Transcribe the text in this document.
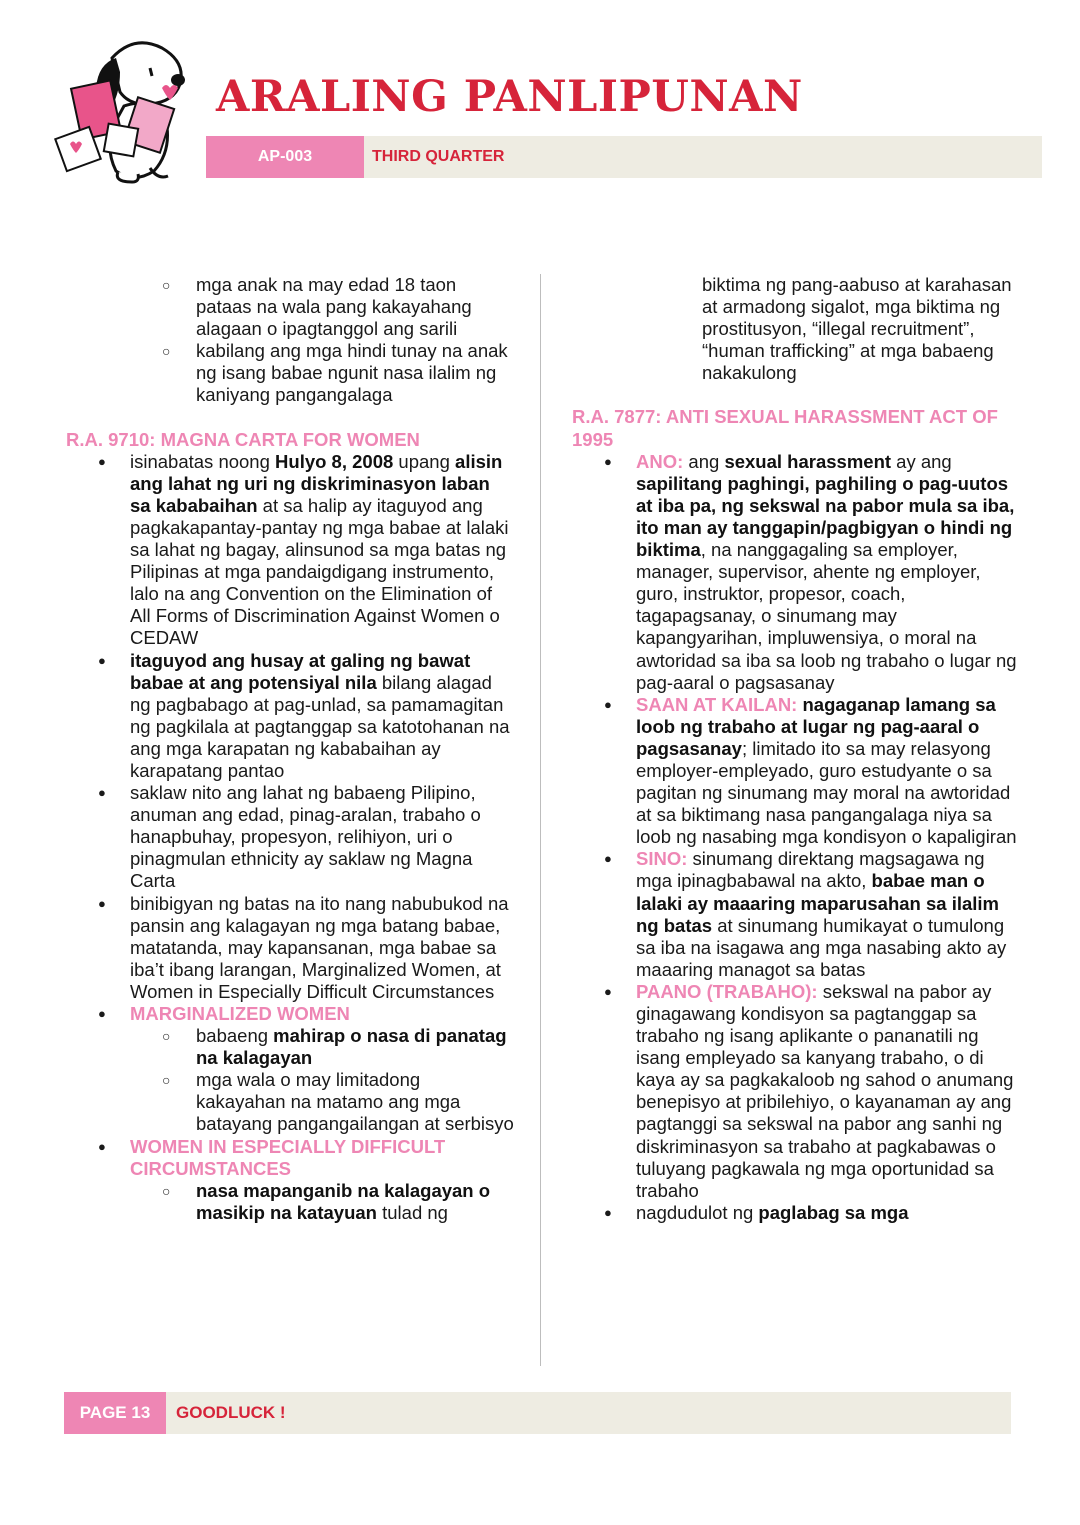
ARALING PANLIPUNAN
AP-003	THIRD QUARTER
○ mga anak na may edad 18 taon pataas na wala pang kakayahang alagaan o ipagtanggol ang sarili
○ kabilang ang mga hindi tunay na anak ng isang babae ngunit nasa ilalim ng kaniyang pangangalaga
R.A. 9710: MAGNA CARTA FOR WOMEN
● isinabatas noong Hulyo 8, 2008 upang alisin ang lahat ng uri ng diskriminasyon laban sa kababaihan at sa halip ay itaguyod ang pagkakapantay-pantay ng mga babae at lalaki sa lahat ng bagay, alinsunod sa mga batas ng Pilipinas at mga pandaigdigang instrumento, lalo na ang Convention on the Elimination of All Forms of Discrimination Against Women o CEDAW
● itaguyod ang husay at galing ng bawat babae at ang potensiyal nila bilang alagad ng pagbabago at pag-unlad, sa pamamagitan ng pagkilala at pagtanggap sa katotohanan na ang mga karapatan ng kababaihan ay karapatang pantao
● saklaw nito ang lahat ng babaeng Pilipino, anuman ang edad, pinag-aralan, trabaho o hanapbuhay, propesyon, relihiyon, uri o pinagmulan ethnicity ay saklaw ng Magna Carta
● binibigyan ng batas na ito nang nabubukod na pansin ang kalagayan ng mga batang babae, matatanda, may kapansanan, mga babae sa iba’t ibang larangan, Marginalized Women, at Women in Especially Difficult Circumstances
● MARGINALIZED WOMEN
○ babaeng mahirap o nasa di panatag na kalagayan
○ mga wala o may limitadong kakayahan na matamo ang mga batayang pangangailangan at serbisyo
● WOMEN IN ESPECIALLY DIFFICULT CIRCUMSTANCES
○ nasa mapanganib na kalagayan o masikip na katayuan tulad ng
biktima ng pang-aabuso at karahasan at armadong sigalot, mga biktima ng prostitusyon, “illegal recruitment”, “human trafficking” at mga babaeng nakakulong
R.A. 7877: ANTI SEXUAL HARASSMENT ACT OF 1995
● ANO: ang sexual harassment ay ang sapilitang paghingi, paghiling o pag-uutos at iba pa, ng sekswal na pabor mula sa iba, ito man ay tanggapin/pagbigyan o hindi ng biktima, na nanggagaling sa employer, manager, supervisor, ahente ng employer, guro, instruktor, propesor, coach, tagapagsanay, o sinumang may kapangyarihan, impluwensiya, o moral na awtoridad sa iba sa loob ng trabaho o lugar ng pag-aaral o pagsasanay
● SAAN AT KAILAN: nagaganap lamang sa loob ng trabaho at lugar ng pag-aaral o pagsasanay; limitado ito sa may relasyong employer-empleyado, guro estudyante o sa pagitan ng sinumang may moral na awtoridad at sa biktimang nasa pangangalaga niya sa loob ng nasabing mga kondisyon o kapaligiran
● SINO: sinumang direktang magsagawa ng mga ipinagbabawal na akto, babae man o lalaki ay maaaring maparusahan sa ilalim ng batas at sinumang humikayat o tumulong sa iba na isagawa ang mga nasabing akto ay maaaring managot sa batas
● PAANO (TRABAHO): sekswal na pabor ay ginagawang kondisyon sa pagtanggap sa trabaho ng isang aplikante o pananatili ng isang empleyado sa kanyang trabaho, o di kaya ay sa pagkakaloob ng sahod o anumang benepisyo at pribilehiyo, o kayanaman ay ang pagtanggi sa sekswal na pabor ang sanhi ng diskriminasyon sa trabaho at pagkabawas o tuluyang pagkawala ng mga oportunidad sa trabaho
● nagdudulot ng paglabag sa mga
PAGE 13	GOODLUCK !
